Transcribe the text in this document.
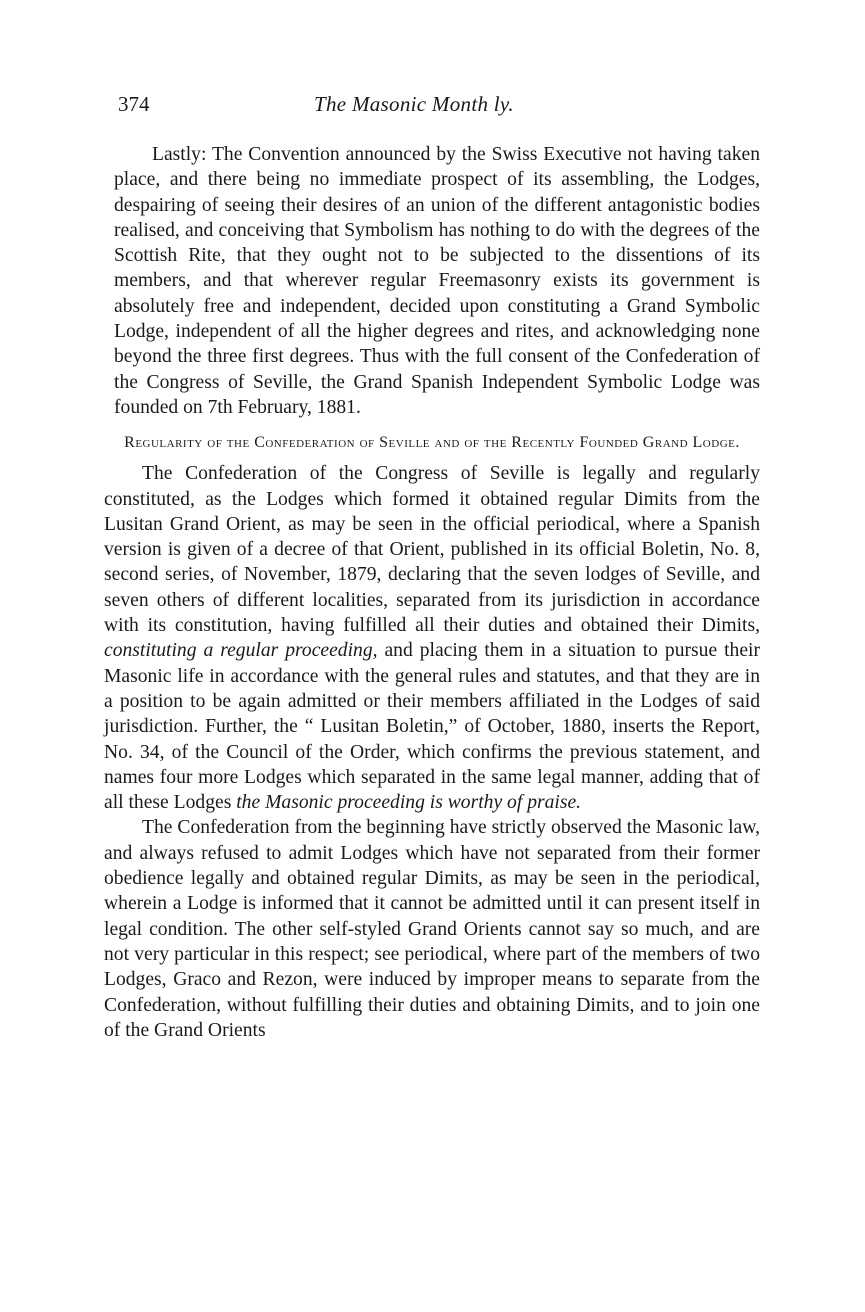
374	The Masonic Month ly.

Lastly: The Convention announced by the Swiss Executive not having taken place, and there being no immediate prospect of its assembling, the Lodges, despairing of seeing their desires of an union of the different antagonistic bodies realised, and conceiving that Symbolism has nothing to do with the degrees of the Scottish Rite, that they ought not to be subjected to the dissentions of its members, and that wherever regular Freemasonry exists its government is absolutely free and independent, decided upon constituting a Grand Symbolic Lodge, independent of all the higher degrees and rites, and acknowledging none beyond the three first degrees. Thus with the full consent of the Confederation of the Congress of Seville, the Grand Spanish Independent Symbolic Lodge was founded on 7th February, 1881.

Regularity of the Confederation of Seville and of the Recently Founded Grand Lodge.

The Confederation of the Congress of Seville is legally and regularly constituted, as the Lodges which formed it obtained regular Dimits from the Lusitan Grand Orient, as may be seen in the official periodical, where a Spanish version is given of a decree of that Orient, published in its official Boletin, No. 8, second series, of November, 1879, declaring that the seven lodges of Seville, and seven others of different localities, separated from its jurisdiction in accordance with its constitution, having fulfilled all their duties and obtained their Dimits, constituting a regular proceeding, and placing them in a situation to pursue their Masonic life in accordance with the general rules and statutes, and that they are in a position to be again admitted or their members affiliated in the Lodges of said jurisdiction. Further, the “ Lusitan Boletin,” of October, 1880, inserts the Report, No. 34, of the Council of the Order, which confirms the previous statement, and names four more Lodges which separated in the same legal manner, adding that of all these Lodges the Masonic proceeding is worthy of praise.

The Confederation from the beginning have strictly observed the Masonic law, and always refused to admit Lodges which have not separated from their former obedience legally and obtained regular Dimits, as may be seen in the periodical, wherein a Lodge is informed that it cannot be admitted until it can present itself in legal condition. The other self-styled Grand Orients cannot say so much, and are not very particular in this respect; see periodical, where part of the members of two Lodges, Graco and Rezon, were induced by improper means to separate from the Confederation, without fulfilling their duties and obtaining Dimits, and to join one of the Grand Orients
